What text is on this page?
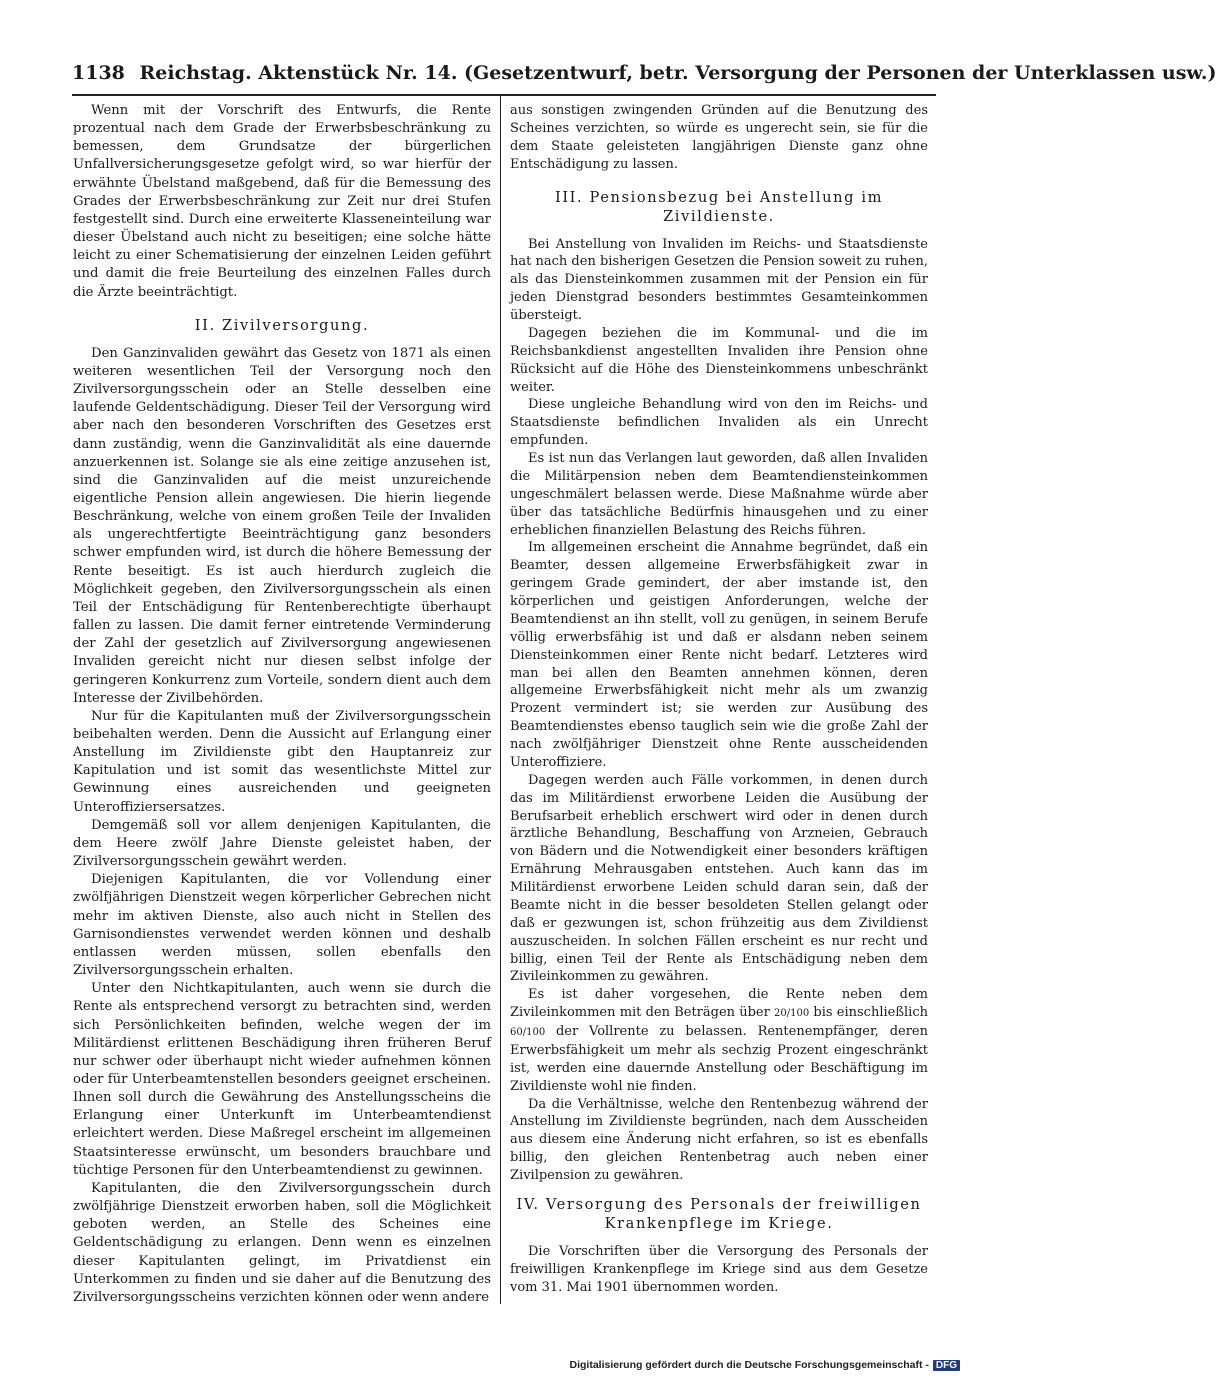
1138 Reichstag. Aktenstück Nr. 14. (Gesetzentwurf, betr. Versorgung der Personen der Unterklassen usw.)

Wenn mit der Vorschrift des Entwurfs, die Rente prozentual nach dem Grade der Erwerbsbeschränkung zu bemessen, dem Grundsatze der bürgerlichen Unfallversicherungsgesetze gefolgt wird, so war hierfür der erwähnte Übelstand maßgebend, daß für die Bemessung des Grades der Erwerbsbeschränkung zur Zeit nur drei Stufen festgestellt sind. Durch eine erweiterte Klasseneinteilung war dieser Übelstand auch nicht zu beseitigen; eine solche hätte leicht zu einer Schematisierung der einzelnen Leiden geführt und damit die freie Beurteilung des einzelnen Falles durch die Ärzte beeinträchtigt.

II. Zivilversorgung.

Den Ganzinvaliden gewährt das Gesetz von 1871 als einen weiteren wesentlichen Teil der Versorgung noch den Zivilversorgungsschein oder an Stelle desselben eine laufende Geldentschädigung. Dieser Teil der Versorgung wird aber nach den besonderen Vorschriften des Gesetzes erst dann zuständig, wenn die Ganzinvalidität als eine dauernde anzuerkennen ist. Solange sie als eine zeitige anzusehen ist, sind die Ganzinvaliden auf die meist unzureichende eigentliche Pension allein angewiesen. Die hierin liegende Beschränkung, welche von einem großen Teile der Invaliden als ungerechtfertigte Beeinträchtigung ganz besonders schwer empfunden wird, ist durch die höhere Bemessung der Rente beseitigt. Es ist auch hierdurch zugleich die Möglichkeit gegeben, den Zivilversorgungsschein als einen Teil der Entschädigung für Rentenberechtigte überhaupt fallen zu lassen. Die damit ferner eintretende Verminderung der Zahl der gesetzlich auf Zivilversorgung angewiesenen Invaliden gereicht nicht nur diesen selbst infolge der geringeren Konkurrenz zum Vorteile, sondern dient auch dem Interesse der Zivilbehörden.

Nur für die Kapitulanten muß der Zivilversorgungsschein beibehalten werden. Denn die Aussicht auf Erlangung einer Anstellung im Zivildienste gibt den Hauptanreiz zur Kapitulation und ist somit das wesentlichste Mittel zur Gewinnung eines ausreichenden und geeigneten Unteroffiziersersatzes.

Demgemäß soll vor allem denjenigen Kapitulanten, die dem Heere zwölf Jahre Dienste geleistet haben, der Zivilversorgungsschein gewährt werden.

Diejenigen Kapitulanten, die vor Vollendung einer zwölfjährigen Dienstzeit wegen körperlicher Gebrechen nicht mehr im aktiven Dienste, also auch nicht in Stellen des Garnisondienstes verwendet werden können und deshalb entlassen werden müssen, sollen ebenfalls den Zivilversorgungsschein erhalten.

Unter den Nichtkapitulanten, auch wenn sie durch die Rente als entsprechend versorgt zu betrachten sind, werden sich Persönlichkeiten befinden, welche wegen der im Militärdienst erlittenen Beschädigung ihren früheren Beruf nur schwer oder überhaupt nicht wieder aufnehmen können oder für Unterbeamtenstellen besonders geeignet erscheinen. Ihnen soll durch die Gewährung des Anstellungsscheins die Erlangung einer Unterkunft im Unterbeamtendienst erleichtert werden. Diese Maßregel erscheint im allgemeinen Staatsinteresse erwünscht, um besonders brauchbare und tüchtige Personen für den Unterbeamtendienst zu gewinnen.

Kapitulanten, die den Zivilversorgungsschein durch zwölfjährige Dienstzeit erworben haben, soll die Möglichkeit geboten werden, an Stelle des Scheines eine Geldentschädigung zu erlangen. Denn wenn es einzelnen dieser Kapitulanten gelingt, im Privatdienst ein Unterkommen zu finden und sie daher auf die Benutzung des Zivilversorgungsscheins verzichten können oder wenn andere

aus sonstigen zwingenden Gründen auf die Benutzung des Scheines verzichten, so würde es ungerecht sein, sie für die dem Staate geleisteten langjährigen Dienste ganz ohne Entschädigung zu lassen.

III. Pensionsbezug bei Anstellung im Zivildienste.

Bei Anstellung von Invaliden im Reichs- und Staatsdienste hat nach den bisherigen Gesetzen die Pension soweit zu ruhen, als das Diensteinkommen zusammen mit der Pension ein für jeden Dienstgrad besonders bestimmtes Gesamteinkommen übersteigt.

Dagegen beziehen die im Kommunal- und die im Reichsbankdienst angestellten Invaliden ihre Pension ohne Rücksicht auf die Höhe des Diensteinkommens unbeschränkt weiter.

Diese ungleiche Behandlung wird von den im Reichs- und Staatsdienste befindlichen Invaliden als ein Unrecht empfunden.

Es ist nun das Verlangen laut geworden, daß allen Invaliden die Militärpension neben dem Beamtendiensteinkommen ungeschmälert belassen werde. Diese Maßnahme würde aber über das tatsächliche Bedürfnis hinausgehen und zu einer erheblichen finanziellen Belastung des Reichs führen.

Im allgemeinen erscheint die Annahme begründet, daß ein Beamter, dessen allgemeine Erwerbsfähigkeit zwar in geringem Grade gemindert, der aber imstande ist, den körperlichen und geistigen Anforderungen, welche der Beamtendienst an ihn stellt, voll zu genügen, in seinem Berufe völlig erwerbsfähig ist und daß er alsdann neben seinem Diensteinkommen einer Rente nicht bedarf. Letzteres wird man bei allen den Beamten annehmen können, deren allgemeine Erwerbsfähigkeit nicht mehr als um zwanzig Prozent vermindert ist; sie werden zur Ausübung des Beamtendienstes ebenso tauglich sein wie die große Zahl der nach zwölfjähriger Dienstzeit ohne Rente ausscheidenden Unteroffiziere.

Dagegen werden auch Fälle vorkommen, in denen durch das im Militärdienst erworbene Leiden die Ausübung der Berufsarbeit erheblich erschwert wird oder in denen durch ärztliche Behandlung, Beschaffung von Arzneien, Gebrauch von Bädern und die Notwendigkeit einer besonders kräftigen Ernährung Mehrausgaben entstehen. Auch kann das im Militärdienst erworbene Leiden schuld daran sein, daß der Beamte nicht in die besser besoldeten Stellen gelangt oder daß er gezwungen ist, schon frühzeitig aus dem Zivildienst auszuscheiden. In solchen Fällen erscheint es nur recht und billig, einen Teil der Rente als Entschädigung neben dem Zivileinkommen zu gewähren.

Es ist daher vorgesehen, die Rente neben dem Zivileinkommen mit den Beträgen über 20/100 bis einschließlich 60/100 der Vollrente zu belassen. Rentenempfänger, deren Erwerbsfähigkeit um mehr als sechzig Prozent eingeschränkt ist, werden eine dauernde Anstellung oder Beschäftigung im Zivildienste wohl nie finden.

Da die Verhältnisse, welche den Rentenbezug während der Anstellung im Zivildienste begründen, nach dem Ausscheiden aus diesem eine Änderung nicht erfahren, so ist es ebenfalls billig, den gleichen Rentenbetrag auch neben einer Zivilpension zu gewähren.

IV. Versorgung des Personals der freiwilligen Krankenpflege im Kriege.

Die Vorschriften über die Versorgung des Personals der freiwilligen Krankenpflege im Kriege sind aus dem Gesetze vom 31. Mai 1901 übernommen worden.

Digitalisierung gefördert durch die Deutsche Forschungsgemeinschaft - DFG
